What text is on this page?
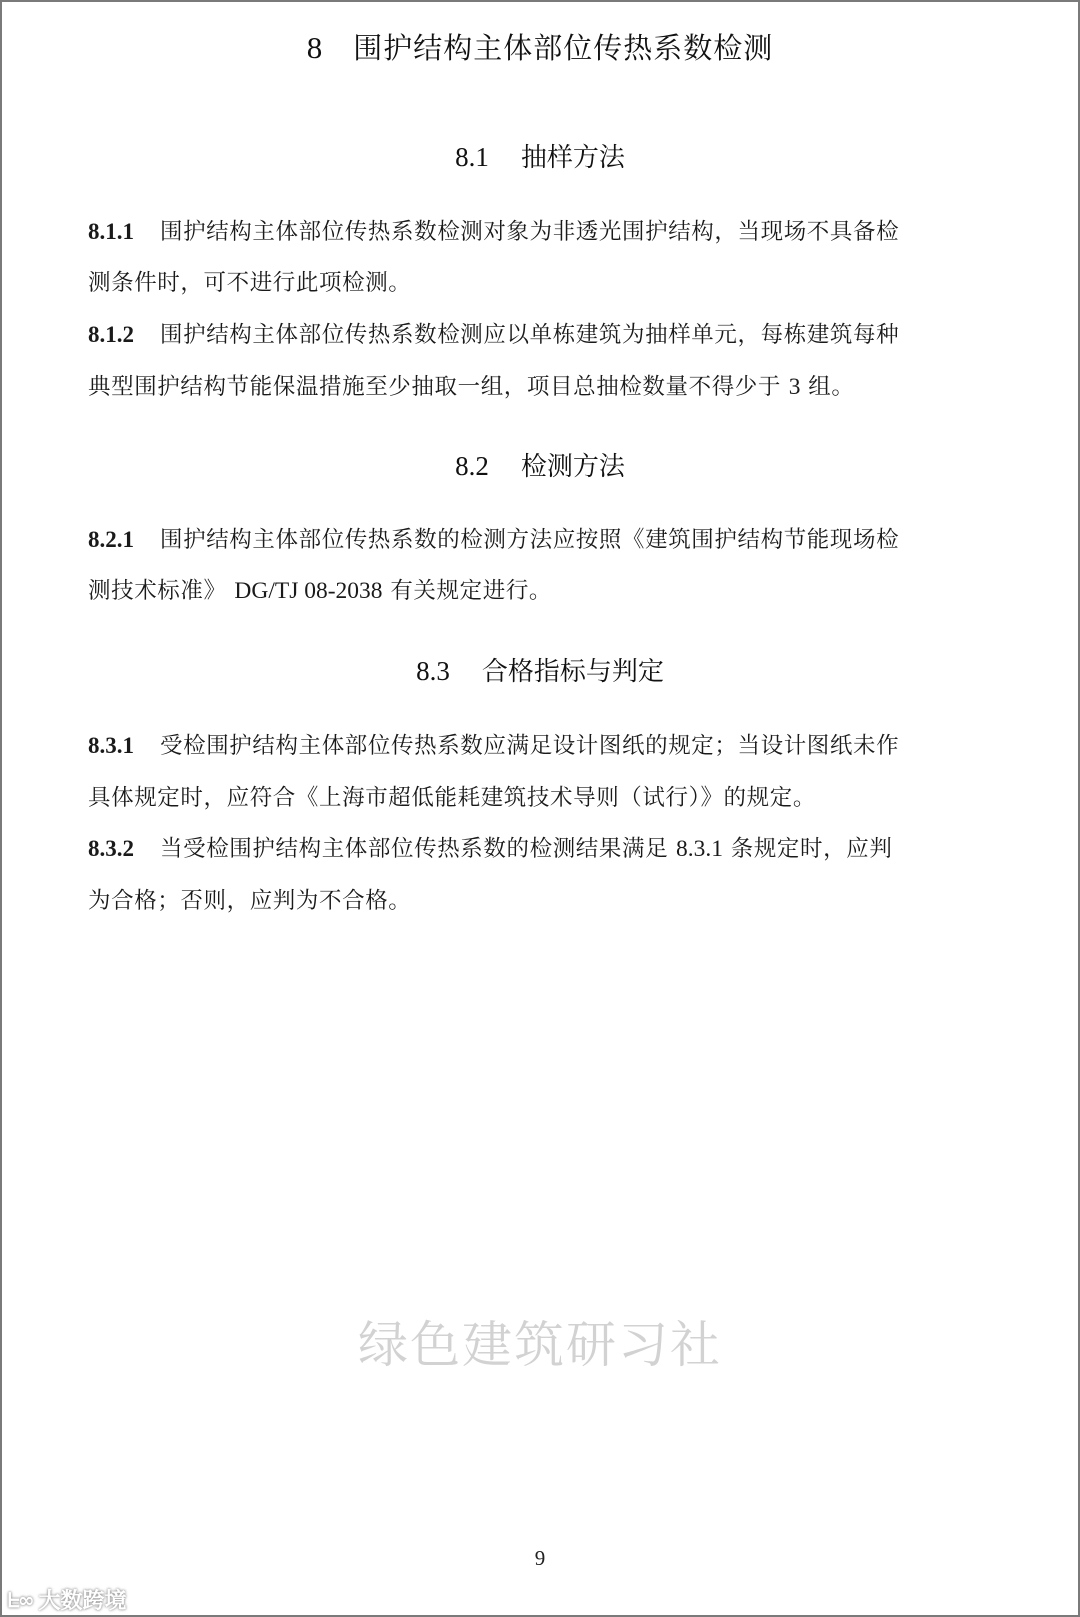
8 围护结构主体部位传热系数检测
8.1 抽样方法
8.1.1 围护结构主体部位传热系数检测对象为非透光围护结构，当现场不具备检
测条件时，可不进行此项检测。
8.1.2 围护结构主体部位传热系数检测应以单栋建筑为抽样单元，每栋建筑每种
典型围护结构节能保温措施至少抽取一组，项目总抽检数量不得少于 3 组。
8.2 检测方法
8.2.1 围护结构主体部位传热系数的检测方法应按照《建筑围护结构节能现场检
测技术标准》 DG/TJ 08-2038 有关规定进行。
8.3 合格指标与判定
8.3.1 受检围护结构主体部位传热系数应满足设计图纸的规定；当设计图纸未作
具体规定时，应符合《上海市超低能耗建筑技术导则（试行）》的规定。
8.3.2 当受检围护结构主体部位传热系数的检测结果满足 8.3.1 条规定时，应判
为合格；否则，应判为不合格。
绿色建筑研习社
9
ᖶ∞ 大数跨境
